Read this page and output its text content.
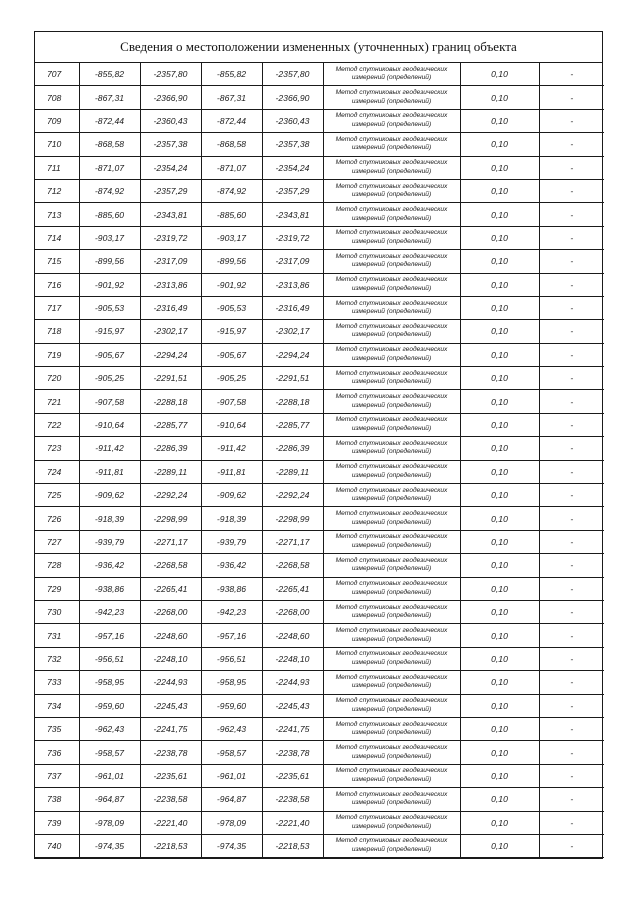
Сведения о местоположении измененных (уточненных) границ объекта
707	-855,82	-2357,80	-855,82	-2357,80	Метод спутниковых геодезических
измерений (определений)	0,10	-
708	-867,31	-2366,90	-867,31	-2366,90	Метод спутниковых геодезических
измерений (определений)	0,10	-
709	-872,44	-2360,43	-872,44	-2360,43	Метод спутниковых геодезических
измерений (определений)	0,10	-
710	-868,58	-2357,38	-868,58	-2357,38	Метод спутниковых геодезических
измерений (определений)	0,10	-
711	-871,07	-2354,24	-871,07	-2354,24	Метод спутниковых геодезических
измерений (определений)	0,10	-
712	-874,92	-2357,29	-874,92	-2357,29	Метод спутниковых геодезических
измерений (определений)	0,10	-
713	-885,60	-2343,81	-885,60	-2343,81	Метод спутниковых геодезических
измерений (определений)	0,10	-
714	-903,17	-2319,72	-903,17	-2319,72	Метод спутниковых геодезических
измерений (определений)	0,10	-
715	-899,56	-2317,09	-899,56	-2317,09	Метод спутниковых геодезических
измерений (определений)	0,10	-
716	-901,92	-2313,86	-901,92	-2313,86	Метод спутниковых геодезических
измерений (определений)	0,10	-
717	-905,53	-2316,49	-905,53	-2316,49	Метод спутниковых геодезических
измерений (определений)	0,10	-
718	-915,97	-2302,17	-915,97	-2302,17	Метод спутниковых геодезических
измерений (определений)	0,10	-
719	-905,67	-2294,24	-905,67	-2294,24	Метод спутниковых геодезических
измерений (определений)	0,10	-
720	-905,25	-2291,51	-905,25	-2291,51	Метод спутниковых геодезических
измерений (определений)	0,10	-
721	-907,58	-2288,18	-907,58	-2288,18	Метод спутниковых геодезических
измерений (определений)	0,10	-
722	-910,64	-2285,77	-910,64	-2285,77	Метод спутниковых геодезических
измерений (определений)	0,10	-
723	-911,42	-2286,39	-911,42	-2286,39	Метод спутниковых геодезических
измерений (определений)	0,10	-
724	-911,81	-2289,11	-911,81	-2289,11	Метод спутниковых геодезических
измерений (определений)	0,10	-
725	-909,62	-2292,24	-909,62	-2292,24	Метод спутниковых геодезических
измерений (определений)	0,10	-
726	-918,39	-2298,99	-918,39	-2298,99	Метод спутниковых геодезических
измерений (определений)	0,10	-
727	-939,79	-2271,17	-939,79	-2271,17	Метод спутниковых геодезических
измерений (определений)	0,10	-
728	-936,42	-2268,58	-936,42	-2268,58	Метод спутниковых геодезических
измерений (определений)	0,10	-
729	-938,86	-2265,41	-938,86	-2265,41	Метод спутниковых геодезических
измерений (определений)	0,10	-
730	-942,23	-2268,00	-942,23	-2268,00	Метод спутниковых геодезических
измерений (определений)	0,10	-
731	-957,16	-2248,60	-957,16	-2248,60	Метод спутниковых геодезических
измерений (определений)	0,10	-
732	-956,51	-2248,10	-956,51	-2248,10	Метод спутниковых геодезических
измерений (определений)	0,10	-
733	-958,95	-2244,93	-958,95	-2244,93	Метод спутниковых геодезических
измерений (определений)	0,10	-
734	-959,60	-2245,43	-959,60	-2245,43	Метод спутниковых геодезических
измерений (определений)	0,10	-
735	-962,43	-2241,75	-962,43	-2241,75	Метод спутниковых геодезических
измерений (определений)	0,10	-
736	-958,57	-2238,78	-958,57	-2238,78	Метод спутниковых геодезических
измерений (определений)	0,10	-
737	-961,01	-2235,61	-961,01	-2235,61	Метод спутниковых геодезических
измерений (определений)	0,10	-
738	-964,87	-2238,58	-964,87	-2238,58	Метод спутниковых геодезических
измерений (определений)	0,10	-
739	-978,09	-2221,40	-978,09	-2221,40	Метод спутниковых геодезических
измерений (определений)	0,10	-
740	-974,35	-2218,53	-974,35	-2218,53	Метод спутниковых геодезических
измерений (определений)	0,10	-
